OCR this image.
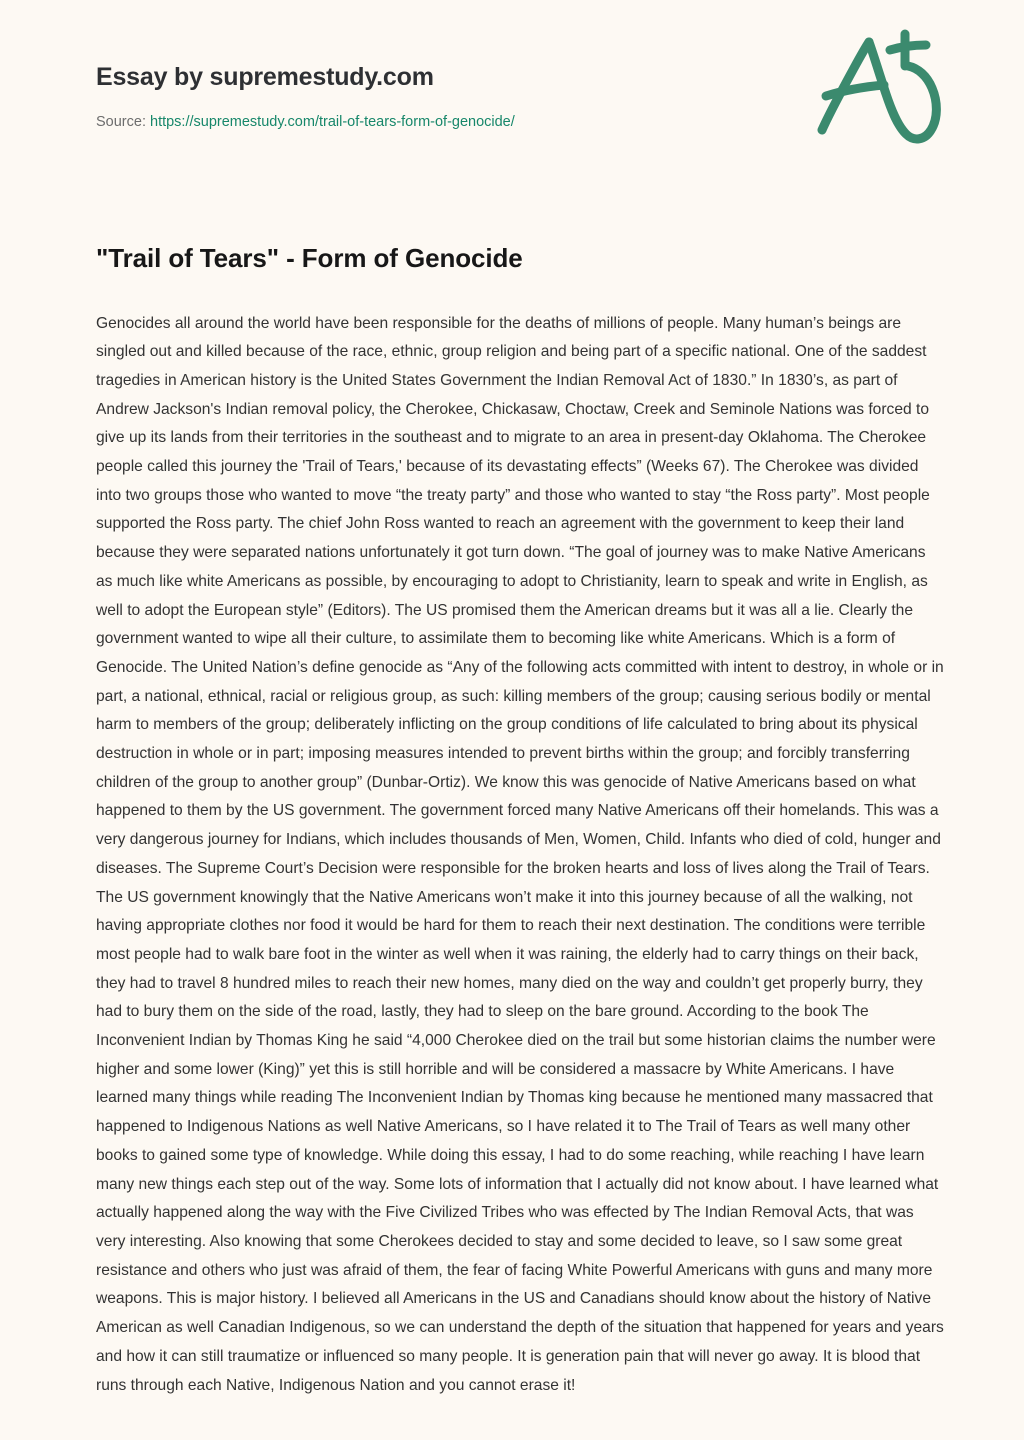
Essay by supremestudy.com
Source: https://supremestudy.com/trail-of-tears-form-of-genocide/
"Trail of Tears" - Form of Genocide

Genocides all around the world have been responsible for the deaths of millions of people. Many human’s beings are singled out and killed because of the race, ethnic, group religion and being part of a specific national. One of the saddest tragedies in American history is the United States Government the Indian Removal Act of 1830.” In 1830’s, as part of Andrew Jackson's Indian removal policy, the Cherokee, Chickasaw, Choctaw, Creek and Seminole Nations was forced to give up its lands from their territories in the southeast and to migrate to an area in present-day Oklahoma. The Cherokee people called this journey the 'Trail of Tears,' because of its devastating effects” (Weeks 67). The Cherokee was divided into two groups those who wanted to move “the treaty party” and those who wanted to stay “the Ross party”. Most people supported the Ross party. The chief John Ross wanted to reach an agreement with the government to keep their land because they were separated nations unfortunately it got turn down. “The goal of journey was to make Native Americans as much like white Americans as possible, by encouraging to adopt to Christianity, learn to speak and write in English, as well to adopt the European style” (Editors). The US promised them the American dreams but it was all a lie. Clearly the government wanted to wipe all their culture, to assimilate them to becoming like white Americans. Which is a form of Genocide. The United Nation’s define genocide as “Any of the following acts committed with intent to destroy, in whole or in part, a national, ethnical, racial or religious group, as such: killing members of the group; causing serious bodily or mental harm to members of the group; deliberately inflicting on the group conditions of life calculated to bring about its physical destruction in whole or in part; imposing measures intended to prevent births within the group; and forcibly transferring children of the group to another group” (Dunbar-Ortiz). We know this was genocide of Native Americans based on what happened to them by the US government. The government forced many Native Americans off their homelands. This was a very dangerous journey for Indians, which includes thousands of Men, Women, Child. Infants who died of cold, hunger and diseases. The Supreme Court’s Decision were responsible for the broken hearts and loss of lives along the Trail of Tears. The US government knowingly that the Native Americans won’t make it into this journey because of all the walking, not having appropriate clothes nor food it would be hard for them to reach their next destination. The conditions were terrible most people had to walk bare foot in the winter as well when it was raining, the elderly had to carry things on their back, they had to travel 8 hundred miles to reach their new homes, many died on the way and couldn’t get properly burry, they had to bury them on the side of the road, lastly, they had to sleep on the bare ground. According to the book The Inconvenient Indian by Thomas King he said “4,000 Cherokee died on the trail but some historian claims the number were higher and some lower (King)” yet this is still horrible and will be considered a massacre by White Americans. I have learned many things while reading The Inconvenient Indian by Thomas king because he mentioned many massacred that happened to Indigenous Nations as well Native Americans, so I have related it to The Trail of Tears as well many other books to gained some type of knowledge. While doing this essay, I had to do some reaching, while reaching I have learn many new things each step out of the way. Some lots of information that I actually did not know about. I have learned what actually happened along the way with the Five Civilized Tribes who was effected by The Indian Removal Acts, that was very interesting. Also knowing that some Cherokees decided to stay and some decided to leave, so I saw some great resistance and others who just was afraid of them, the fear of facing White Powerful Americans with guns and many more weapons. This is major history. I believed all Americans in the US and Canadians should know about the history of Native American as well Canadian Indigenous, so we can understand the depth of the situation that happened for years and years and how it can still traumatize or influenced so many people. It is generation pain that will never go away. It is blood that runs through each Native, Indigenous Nation and you cannot erase it!
